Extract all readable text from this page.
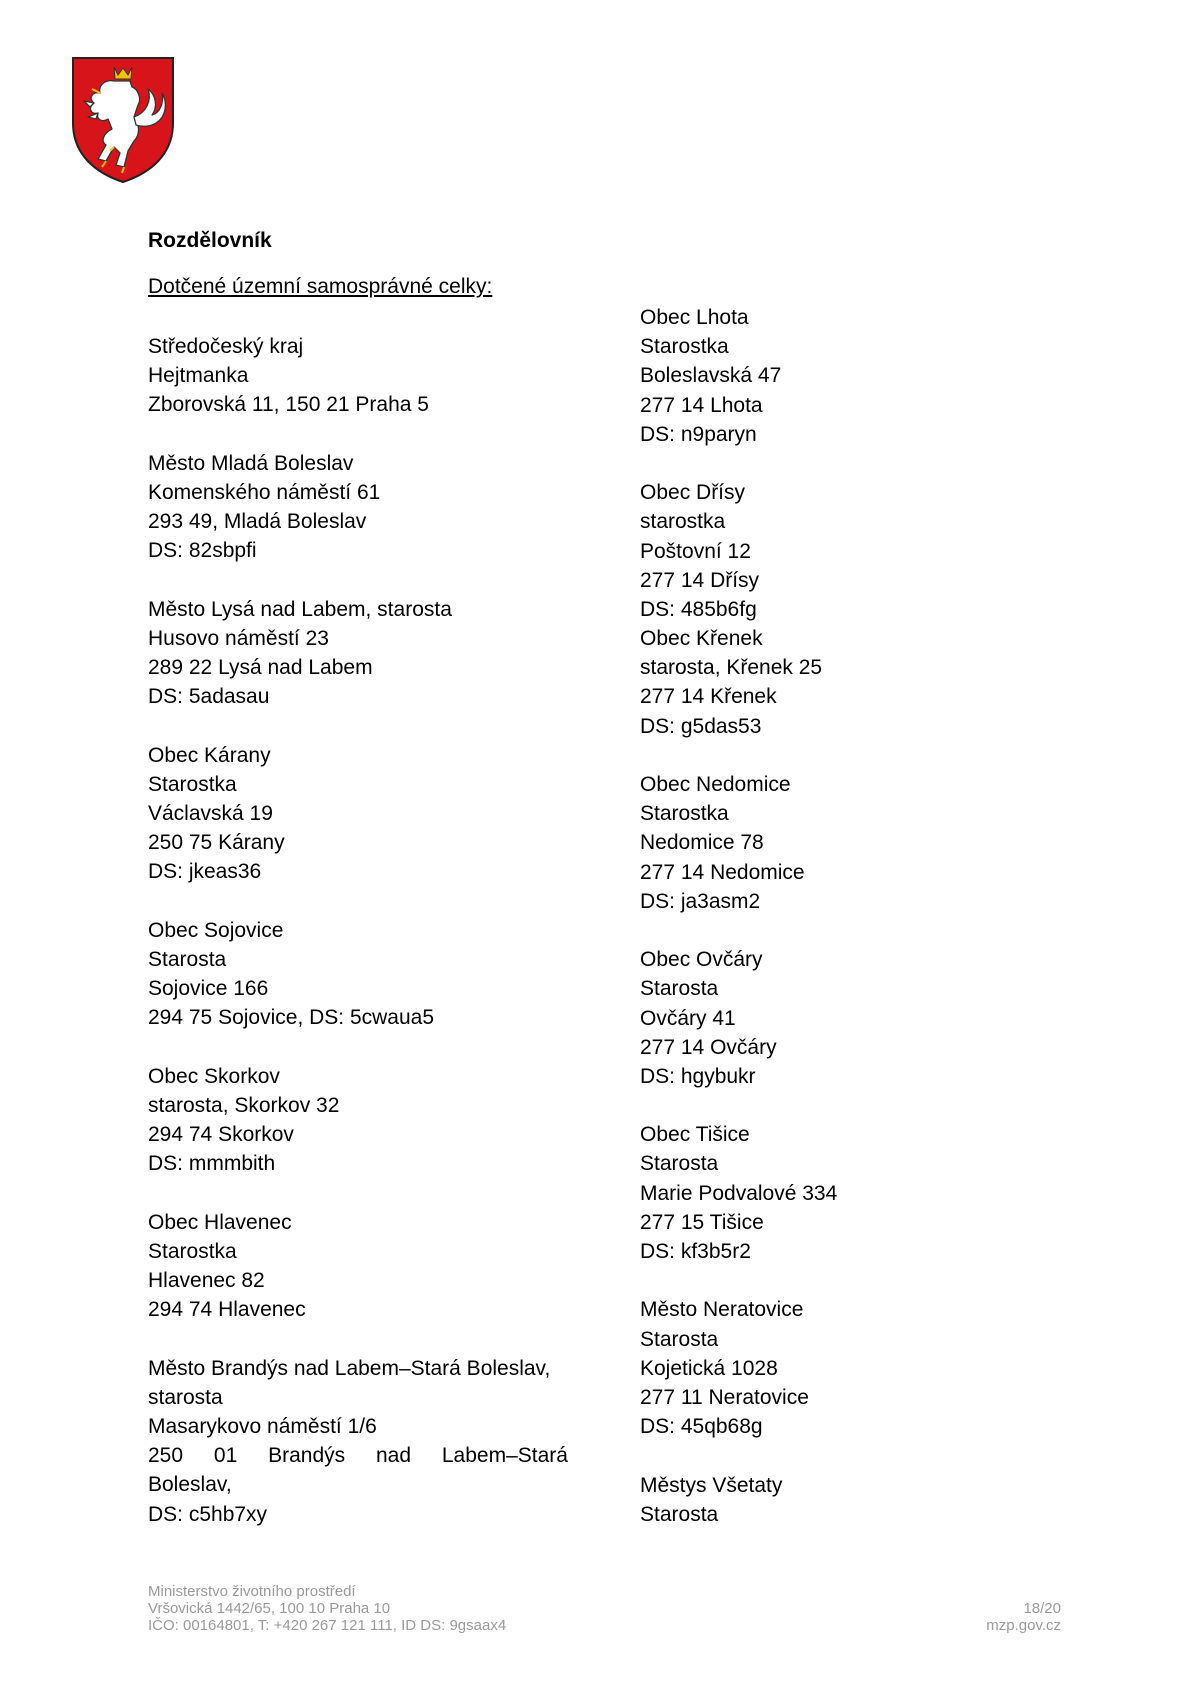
Rozdělovník
Dotčené územní samosprávné celky:
Středočeský kraj
Hejtmanka
Zborovská 11, 150 21 Praha 5
Město Mladá Boleslav
Komenského náměstí 61
293 49, Mladá Boleslav
DS: 82sbpfi
Město Lysá nad Labem, starosta
Husovo náměstí 23
289 22 Lysá nad Labem
DS: 5adasau
Obec Kárany
Starostka
Václavská 19
250 75 Kárany
DS: jkeas36
Obec Sojovice
Starosta
Sojovice 166
294 75 Sojovice, DS: 5cwaua5
Obec Skorkov
starosta, Skorkov 32
294 74 Skorkov
DS: mmmbith
Obec Hlavenec
Starostka
Hlavenec 82
294 74 Hlavenec
Město Brandýs nad Labem–Stará Boleslav,
starosta
Masarykovo náměstí 1/6
250 01 Brandýs nad Labem–Stará
Boleslav,
DS: c5hb7xy
Obec Lhota
Starostka
Boleslavská 47
277 14 Lhota
DS: n9paryn
Obec Dřísy
starostka
Poštovní 12
277 14 Dřísy
DS: 485b6fg
Obec Křenek
starosta, Křenek 25
277 14 Křenek
DS: g5das53
Obec Nedomice
Starostka
Nedomice 78
277 14 Nedomice
DS: ja3asm2
Obec Ovčáry
Starosta
Ovčáry 41
277 14 Ovčáry
DS: hgybukr
Obec Tišice
Starosta
Marie Podvalové 334
277 15 Tišice
DS: kf3b5r2
Město Neratovice
Starosta
Kojetická 1028
277 11 Neratovice
DS: 45qb68g
Městys Všetaty
Starosta
Ministerstvo životního prostředí
Vršovická 1442/65, 100 10 Praha 10
IČO: 00164801, T: +420 267 121 111, ID DS: 9gsaax4

18/20
mzp.gov.cz
